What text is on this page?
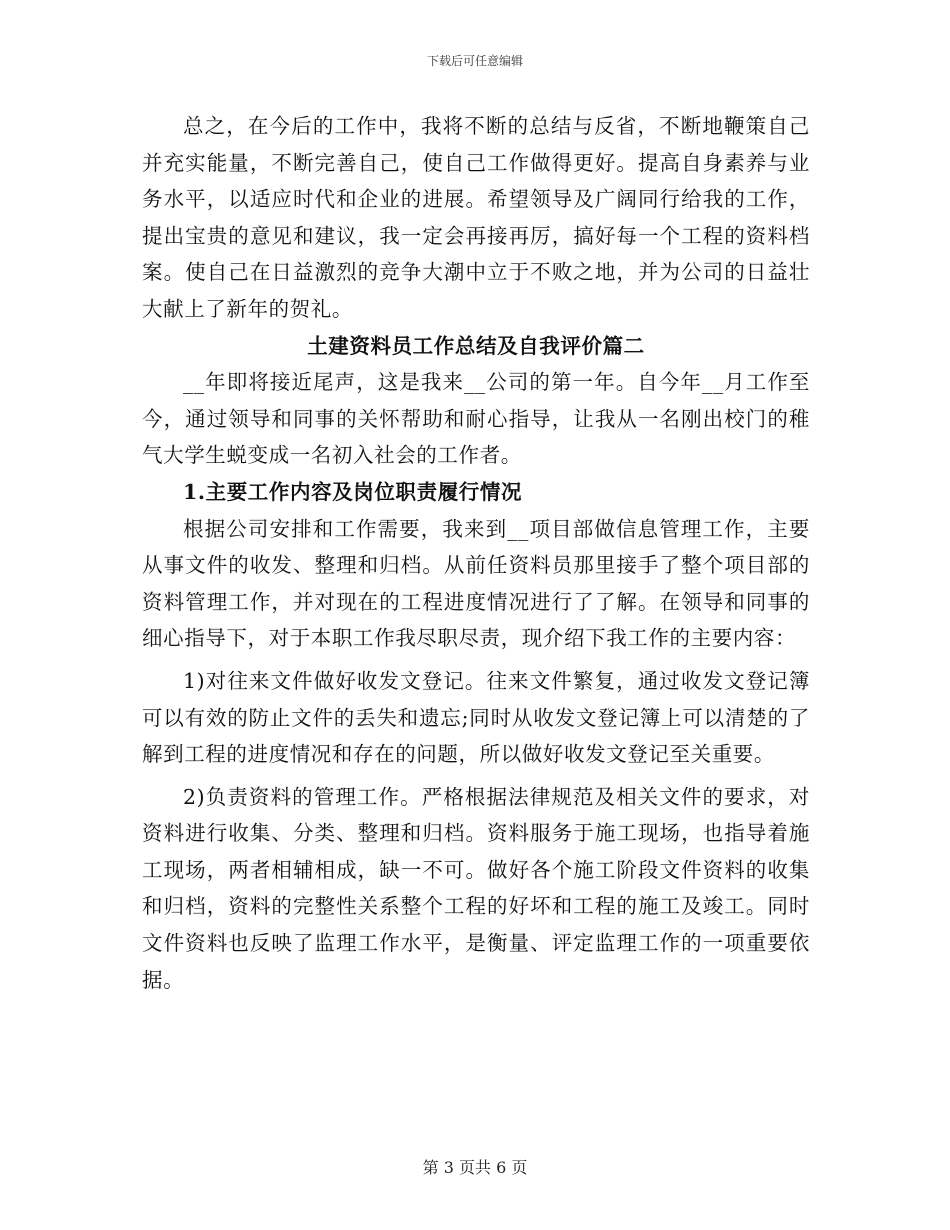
下载后可任意编辑

总之，在今后的工作中，我将不断的总结与反省，不断地鞭策自己并充实能量，不断完善自己，使自己工作做得更好。提高自身素养与业务水平，以适应时代和企业的进展。希望领导及广阔同行给我的工作，提出宝贵的意见和建议，我一定会再接再厉，搞好每一个工程的资料档案。使自己在日益激烈的竞争大潮中立于不败之地，并为公司的日益壮大献上了新年的贺礼。

土建资料员工作总结及自我评价篇二

__年即将接近尾声，这是我来__公司的第一年。自今年__月工作至今，通过领导和同事的关怀帮助和耐心指导，让我从一名刚出校门的稚气大学生蜕变成一名初入社会的工作者。

1.主要工作内容及岗位职责履行情况

根据公司安排和工作需要，我来到__项目部做信息管理工作，主要从事文件的收发、整理和归档。从前任资料员那里接手了整个项目部的资料管理工作，并对现在的工程进度情况进行了了解。在领导和同事的细心指导下，对于本职工作我尽职尽责，现介绍下我工作的主要内容：

1)对往来文件做好收发文登记。往来文件繁复，通过收发文登记簿可以有效的防止文件的丢失和遗忘;同时从收发文登记簿上可以清楚的了解到工程的进度情况和存在的问题，所以做好收发文登记至关重要。

2)负责资料的管理工作。严格根据法律规范及相关文件的要求，对资料进行收集、分类、整理和归档。资料服务于施工现场，也指导着施工现场，两者相辅相成，缺一不可。做好各个施工阶段文件资料的收集和归档，资料的完整性关系整个工程的好坏和工程的施工及竣工。同时文件资料也反映了监理工作水平，是衡量、评定监理工作的一项重要依据。

第 3 页共 6 页
